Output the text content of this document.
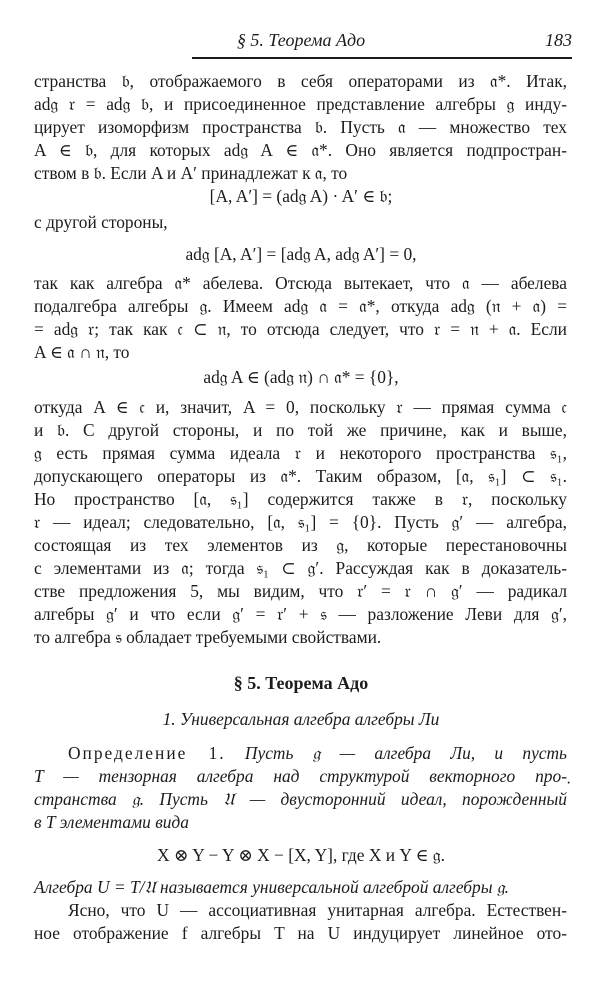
§ 5. Теорема Адо	183
странства 𝔟, отображаемого в себя операторами из 𝔞*. Итак,
ad𝔤 𝔯 = ad𝔤 𝔟, и присоединенное представление алгебры 𝔤 инду-
цирует изоморфизм пространства 𝔟. Пусть 𝔞 — множество тех
A ∈ 𝔟, для которых ad𝔤 A ∈ 𝔞*. Оно является подпростран-
ством в 𝔟. Если A и A′ принадлежат к 𝔞, то
[A, A′] = (ad𝔤 A) · A′ ∈ 𝔟;
с другой стороны,
ad𝔤 [A, A′] = [ad𝔤 A, ad𝔤 A′] = 0,
так как алгебра 𝔞* абелева. Отсюда вытекает, что 𝔞 — абелева
подалгебра алгебры 𝔤. Имеем ad𝔤 𝔞 = 𝔞*, откуда ad𝔤 (𝔫 + 𝔞) =
= ad𝔤 𝔯; так как 𝔠 ⊂ 𝔫, то отсюда следует, что 𝔯 = 𝔫 + 𝔞. Если
A ∈ 𝔞 ∩ 𝔫, то
ad𝔤 A ∈ (ad𝔤 𝔫) ∩ 𝔞* = {0},
откуда A ∈ 𝔠 и, значит, A = 0, поскольку 𝔯 — прямая сумма 𝔠
и 𝔟. С другой стороны, и по той же причине, как и выше,
𝔤 есть прямая сумма идеала 𝔯 и некоторого пространства 𝔰₁,
допускающего операторы из 𝔞*. Таким образом, [𝔞, 𝔰₁] ⊂ 𝔰₁.
Но пространство [𝔞, 𝔰₁] содержится также в 𝔯, поскольку
𝔯 — идеал; следовательно, [𝔞, 𝔰₁] = {0}. Пусть 𝔤′ — алгебра,
состоящая из тех элементов из 𝔤, которые перестановочны
с элементами из 𝔞; тогда 𝔰₁ ⊂ 𝔤′. Рассуждая как в доказатель-
стве предложения 5, мы видим, что 𝔯′ = 𝔯 ∩ 𝔤′ — радикал
алгебры 𝔤′ и что если 𝔤′ = 𝔯′ + 𝔰 — разложение Леви для 𝔤′,
то алгебра 𝔰 обладает требуемыми свойствами.
§ 5. Теорема Адо
1. Универсальная алгебра алгебры Ли
Определение 1. Пусть 𝔤 — алгебра Ли, и пусть
T — тензорная алгебра над структурой векторного про-
странства 𝔤. Пусть 𝔘 — двусторонний идеал, порожденный
в T элементами вида
·
X ⊗ Y − Y ⊗ X − [X, Y], где X и Y ∈ 𝔤.
Алгебра U = T/𝔘 называется универсальной алгеброй алгебры 𝔤.
Ясно, что U — ассоциативная унитарная алгебра. Естествен-
ное отображение f алгебры T на U индуцирует линейное ото-
